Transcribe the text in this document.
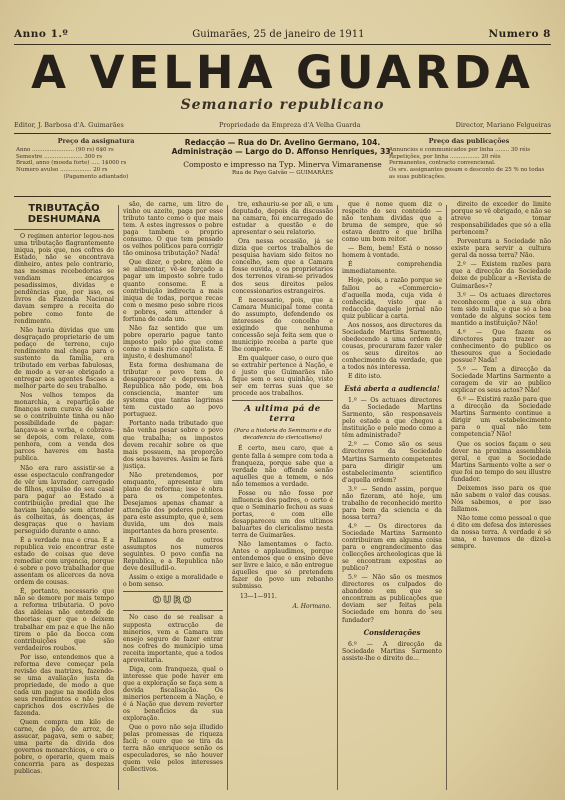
Anno 1.º	Guimarães, 25 de janeiro de 1911	Numero 8
A VELHA GUARDA
Semanario republicano
Editor, J. Barbosa d'A. Guimarães	Propriedade da Empreza d'A Velha Guarda	Director, Mariano Felgueiras
Preço da assignatura
Anno ........................ (90 rs) 6$0 rs
Semestre ...................... 300 rs
Brazil, anno (moeda forte) ..... 1$000 rs
Numero avulso .................. 20 rs
(Pagamento adiantado)
Redacção — Rua do Dr. Avelino Germano, 104.
Administração — Largo do D. Affonso Henriques, 33.
Composto e impresso na Typ. Minerva Vimaranense
Rua de Payo Galvão — GUIMARÃES
Preço das publicações
Annuncios e communicados por linha ........ 30 réis
Repetições, por linha ................. 20 réis
Permanentes, contracto convencional.
Os srs. assignantes gosam o desconto de 25 % no todas
as suas publicações.
TRIBUTAÇÃO DESHUMANA

O regimen anterior legou-nos uma tributação flagrantemente iniqua, pois que, nos cofres do Estado, não se encontrava dinheiro, antes pelo contrario, nas mesmas recebedorias se vendiam encargos pesadissimos, dividas e pendências que, por isso, os livros da Fazenda Nacional davam sempre a receita do pobre como fonte de rendimento.

Não havia dúvidas que um desgraçado proprietario de um pedaço de terreno, cujo rendimento mal chega para o sustento da familia, era tributado em verbas fabulosas, de modo a ver-se obrigado a entregar aos agentes fiscaes a melhor parte do seu trabalho.

Nos velhos tempos da monarchia, a repartição de finanças nem curava de saber se o contribuinte tinha ou não possibilidade de pagar: lançava-se a verba, e cobrava-se depois, com relaxe, com penhora, com a venda dos parcos haveres em hasta publica.

Não era raro assistir-se a esse espectaculo confrangedor de vêr um lavrador, carregado de filhos, expulso do seu casal para pagar ao Estado a contribuição predial que lhe haviam lançado sem attender ás colheitas, ás doenças, ás desgraças que o haviam perseguido durante o anno.

É a verdade nua e crua. E a republica veio encontrar este estado de coisas que deve remediar com urgencia, porque é sobre o povo trabalhador que assentam os alicerces da nova ordem de cousas.

É, portanto, necessario que não se demore por mais tempo a reforma tributaria. O povo das aldeias não entende de theorias: quer que o deixem trabalhar em paz e que lhe não tirem o pão da bocca com contribuições que são verdadeiros roubos.

Por isso, entendemos que a reforma deve começar pela revisão das matrizes, fazendo-se uma avaliação justa da propriedade, de modo a que cada um pague na medida dos seus rendimentos e não pelos caprichos dos escrivães de fazenda.

Quem compra um kilo de carne, de pão, de arroz, de assucar, pagava, sem o saber, uma parte da divida dos governos monarchicos, e era o pobre, o operario, quem mais concorria para as despezas publicas.

são, de carne, um litro de vinho ou azeite, paga por esse tributo tanto como o que mais tem. A estes ingressos o pobre paga tambem o proprio consumo. O que tem pensado os velhos politicos para corrigir tão ominosa tributação? Nada!

Que dizer, o pobre, além de se alimentar, vê-se forçado a pagar um imposto sobre tudo quanto consome. É a contribuição indirecta a mais iniqua de todas, porque recae com o mesmo peso sobre ricos e pobres, sem attender á fortuna de cada um.

Não faz sentido que um pobre operario pague tanto imposto pelo pão que come como o mais rico capitalista. É injusto, é deshumano!

Esta forma deshumana de tributar o povo tem de desapparecer e depressa. A Republica não pode, em boa consciencia, manter um systema que tantas lagrimas tem custado ao povo portuguez.

Portanto nada tributado que não venha pesar sobre o povo que trabalha; os impostos devem recahir sobre os que mais possuem, na proporção dos seus haveres. Assim se fará justiça.

Não pretendemos, por emquanto, apresentar um plano de reforma; isso é obra para os competentes. Desejamos apenas chamar a attenção dos poderes publicos para este assumpto, que é, sem duvida, um dos mais importantes da hora presente.

Fallamos de outros assumptos nos numeros seguintes. O povo confia na Republica, e a Republica não deve desilludil-o.

Assim o exige a moralidade e o bom senso.

OURO

No caso de se realisar a supposta extracção de minerios, vem a Camara um ensejo seguro de fazer entrar nos cofres do municipio uma receita importante, que a todos aproveitaria.

Diga, com franqueza, qual o interesse que pode haver em que a exploração se faça sem a devida fiscalisação. Os minerios pertencem á Nação, e é á Nação que devem reverter os beneficios da sua exploração.

Que o povo não seja illudido pelas promessas de riqueza facil; o ouro que se tira da terra não enriquece senão os especuladores, se não houver quem vele pelos interesses collectivos.

tre, exhauriu-se por ali, e um deputado, depois da discussão na camara, foi encarregado de estudar a questão e de apresentar o seu relatorio.

Ora nessa occasião, já se dizia que certos trabalhos de pesquisa haviam sido feitos no concelho, sem que a Camara fosse ouvida, e os proprietarios dos terrenos viram-se privados dos seus direitos pelos concessionarios estrangeiros.

É necessario, pois, que a Camara Municipal tome conta do assumpto, defendendo os interesses do concelho e exigindo que nenhuma concessão seja feita sem que o municipio receba a parte que lhe compete.

Em qualquer caso, o ouro que se extrahir pertence á Nação, e é justo que Guimarães não fique sem o seu quinhão, visto ser em terras suas que se procede aos trabalhos.

A ultima pá de terra
(Para a historia do Seminario e do decadencia do clericalismo)

É certo, meu caro, que a gente falla á sempre com toda a franqueza, porque sabe que a verdade não offende senão aquelles que a temem, e nós não tememos a verdade.

Fosse ou não fosse por influencia dos padres, o certo é que o Seminario fechou as suas portas, e com elle desappareceu um dos ultimos baluartes do clericalismo nesta terra de Guimarães.

Não lamentamos o facto. Antes o applaudimos, porque entendemos que o ensino deve ser livre e laico, e não entregue áquelles que só pretendem fazer do povo um rebanho submisso.

13—1—911.
A. Hormano.

que é nome quem diz o respeito do seu conteúdo — não tenham dividas que a bruma de sempre, que só estava dentro e que brilha como um bom reitor.

— Bem, bem! Está o nosso homem à vontade.

É comprehendia immediatamente.

Hoje, pois, a razão porque se fallou ao «Commercio» d'aquella moda, cuja vida é conhecida, visto que a redacção daquele jornal não quiz publicar a carta.

Aos nossos, aos directores da Sociedade Martins Sarmento, obedecendo a uma ordem de cousas, procuraram fazer valer os seus direitos ao conhecimento da verdade, que a todos nós interessa.

E dito isto.

Está aberta a audiencia!

1.º — Os actuaes directores da Sociedade Martins Sarmento, são responsaveis pelo estado a que chegou a instituição e pelo modo como a têm administrado?

2.º — Como são os seus directores da Sociedade Martins Sarmento competentes para dirigir um estabelecimento scientifico d'aquella ordem?

3.º — Sendo assim, porque não fizeram, até hoje, um trabalho de reconhecido merito para bem da sciencia e da nossa terra?

4.º — Os directores da Sociedade Martins Sarmento contribuiram em alguma coisa para o engrandecimento das collecções archeologicas que lá se encontram expostas ao publico?

5.º — Não são os mesmos directores os culpados do abandono em que se encontram as publicações que deviam ser feitas pela Sociedade em honra do seu fundador?

Considerações

6.º — A direcção da Sociedade Martins Sarmento assiste-lhe o direito de...

direito de exceder do limite porque se vê obrigado, e não se atreve a tomar responsabilidades que só a ella pertencem?

Porventura a Sociedade não existe para servir a cultura geral da nossa terra? Não.

2.º — Existem razões para que a direcção da Sociedade deixe de publicar a «Revista de Guimarães»?

3.º — Os actuaes directores reconhecem que a sua obra tem sido nulla, e que só a boa vontade de alguns socios tem mantido a instituição? Não!

4.º — Que fazem os directores para trazer ao conhecimento do publico os thesouros que a Sociedade possue? Nada!

5.º — Tem a direcção da Sociedade Martins Sarmento a coragem de vir ao publico explicar os seus actos? Não!

6.º — Existirá razão para que a direcção da Sociedade Martins Sarmento continue a dirigir um estabelecimento para o qual não tem competencia? Não!

Que os socios façam o seu dever na proxima assembleia geral, e que a Sociedade Martins Sarmento volte a ser o que foi no tempo do seu illustre fundador.

Deixemos isso para os que não sabem o valor das cousas. Nós sabemos, e por isso fallamos.

Não tome como pessoal o que é dito em defesa dos interesses da nossa terra. A verdade é só uma, e havemos de dizel-a sempre.
